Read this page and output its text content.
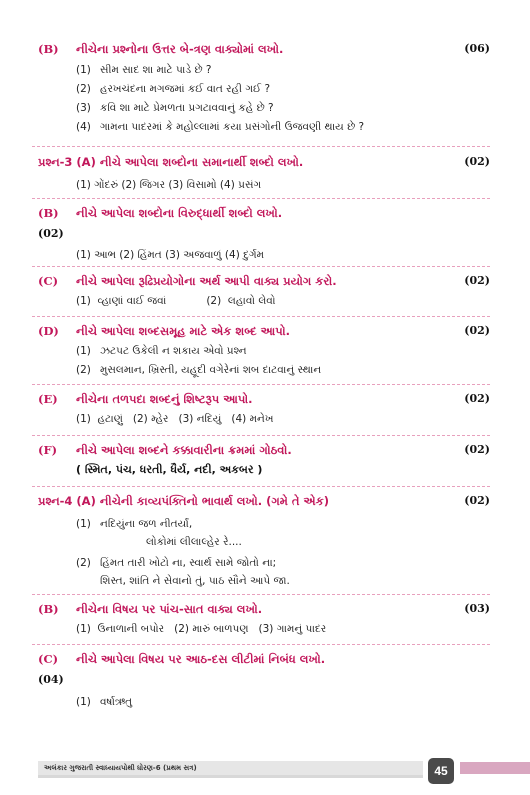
(B) નીચેના પ્રશ્નોના ઉત્તર બે-ત્રણ વાક્યોમાં લખો.	(06)
(1) સીમ સાદ શા માટે પાડે છે ?
(2) હરખચંદના મગજમાં કઈ વાત રહી ગઈ ?
(3) કવિ શા માટે પ્રેમળતા પ્રગટાવવાનું કહે છે ?
(4) ગામના પાદરમાં કે મહોલ્લામાં કયા પ્રસંગોની ઉજવણી થાય છે ?
પ્રશ્ન-3 (A) નીચે આપેલા શબ્દોના સમાનાર્થી શબ્દો લખો.	(02)
(1) ગોંદરું (2) જિગર (3) વિસામો (4) પ્રસંગ
(B) નીચે આપેલા શબ્દોના વિરુદ્ધાર્થી શબ્દો લખો.
(02)
(1) આભ (2) હિંમત (3) અજવાળું (4) દુર્ગમ
(C) નીચે આપેલા રૂઢિપ્રયોગોના અર્થ આપી વાક્ય પ્રયોગ કરો.	(02)
(1)  વ્હાણાં વાઈ જવાં            (2)  લહાવો લેવો
(D) નીચે આપેલા શબ્દસમૂહ માટે એક શબ્દ આપો.	(02)
(1) ઝટપટ ઉકેલી ન શકાય એવો પ્રશ્ન
(2) મુસલમાન, ખ્રિસ્તી, યહૂદી વગેરેનાં શબ દાટવાનું સ્થાન
(E) નીચેના તળપદા શબ્દનું શિષ્ટરૂપ આપો.	(02)
(1)  હટાણું   (2) મ્હેર   (3) નદિયું   (4) મનેખ
(F) નીચે આપેલા શબ્દને કક્કાવારીના ક્રમમાં ગોઠવો.	(02)
( સ્મિત, પંચ, ધરતી, ધૈર્ય, નદી, અકબર )
પ્રશ્ન-4 (A) નીચેની કાવ્યપંક્તિનો ભાવાર્થ લખો. (ગમે તે એક)	(02)
(1) નદિયુંના જળ નીતર્યાં,
લોકોમાં લીલાલ્હેર રે....
(2) હિંમત તારી ખોટો ના, સ્વાર્થ સામે જોતો ના;
શિસ્ત, શાંતિ ને સેવાનો તું, પાઠ સૌને આપે જા.
(B) નીચેના વિષય પર પાંચ-સાત વાક્ય લખો.	(03)
(1)  ઉનાળાની બપોર   (2) મારું બાળપણ   (3) ગામનું પાદર
(C) નીચે આપેલા વિષય પર આઠ-દસ લીટીમાં નિબંધ લખો.
(04)
(1) વર્ષાઋતુ
અલંકાર ગુજરાતી સ્વાધ્યાયપોથી ધોરણ-6 (પ્રથમ સત્ર)	45
